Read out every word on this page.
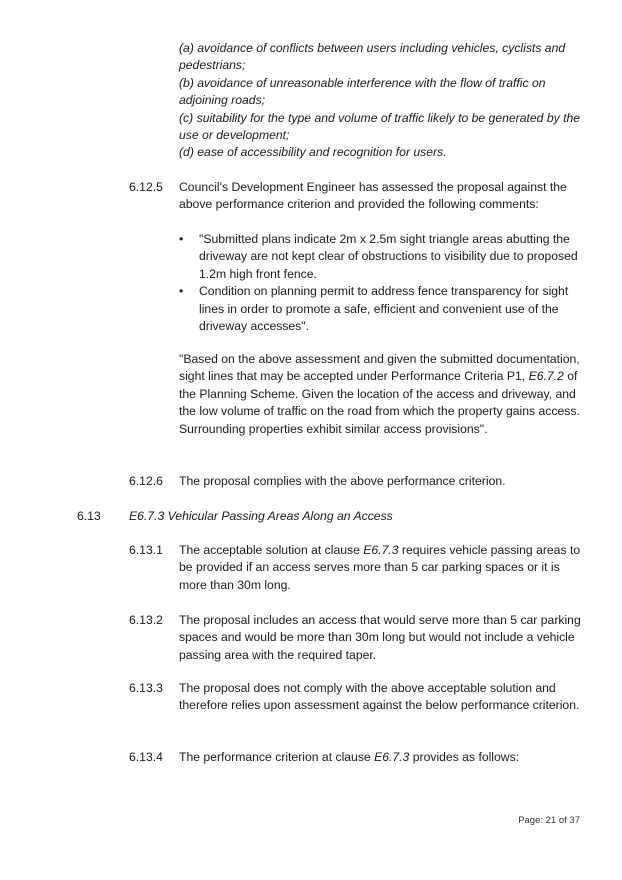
(a) avoidance of conflicts between users including vehicles, cyclists and pedestrians;

(b) avoidance of unreasonable interference with the flow of traffic on adjoining roads;

(c) suitability for the type and volume of traffic likely to be generated by the use or development;

(d) ease of accessibility and recognition for users.

6.12.5 Council's Development Engineer has assessed the proposal against the above performance criterion and provided the following comments:

• "Submitted plans indicate 2m x 2.5m sight triangle areas abutting the driveway are not kept clear of obstructions to visibility due to proposed 1.2m high front fence.
• Condition on planning permit to address fence transparency for sight lines in order to promote a safe, efficient and convenient use of the driveway accesses".

"Based on the above assessment and given the submitted documentation, sight lines that may be accepted under Performance Criteria P1, E6.7.2 of the Planning Scheme. Given the location of the access and driveway, and the low volume of traffic on the road from which the property gains access. Surrounding properties exhibit similar access provisions".

6.12.6 The proposal complies with the above performance criterion.

6.13 E6.7.3 Vehicular Passing Areas Along an Access
6.13.1 The acceptable solution at clause E6.7.3 requires vehicle passing areas to be provided if an access serves more than 5 car parking spaces or it is more than 30m long.

6.13.2 The proposal includes an access that would serve more than 5 car parking spaces and would be more than 30m long but would not include a vehicle passing area with the required taper.

6.13.3 The proposal does not comply with the above acceptable solution and therefore relies upon assessment against the below performance criterion.

6.13.4 The performance criterion at clause E6.7.3 provides as follows:

Page: 21 of 37
